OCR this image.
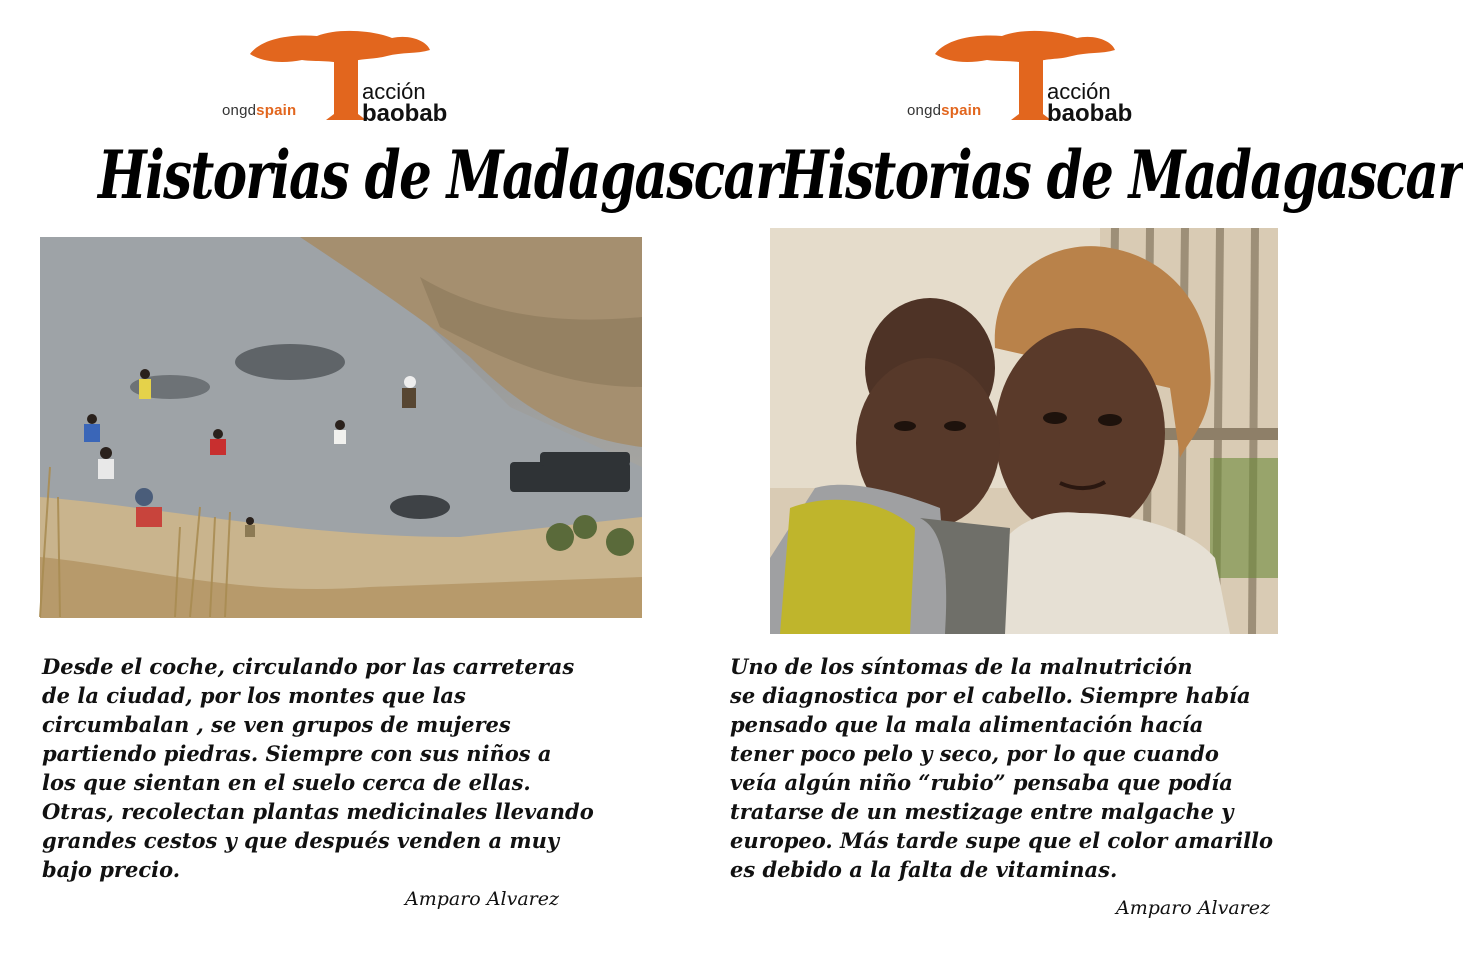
ongdspain
acción
baobab
Historias de Madagascar
Desde el coche, circulando por las carreteras
de la ciudad, por los montes que las
circumbalan , se ven grupos de mujeres
partiendo piedras. Siempre con sus niños a
los que sientan en el suelo cerca de ellas.
Otras, recolectan plantas medicinales llevando
grandes cestos y que después venden a muy
bajo precio.
Amparo Alvarez
ongdspain
acción
baobab
Historias de Madagascar
Uno de los síntomas de la malnutrición
se diagnostica por el cabello. Siempre había
pensado que la mala alimentación hacía
tener poco pelo y seco, por lo que cuando
veía algún niño “rubio” pensaba que podía
tratarse de un mestizage entre malgache y
europeo. Más tarde supe que el color amarillo
es debido a la falta de vitaminas.
Amparo Alvarez
